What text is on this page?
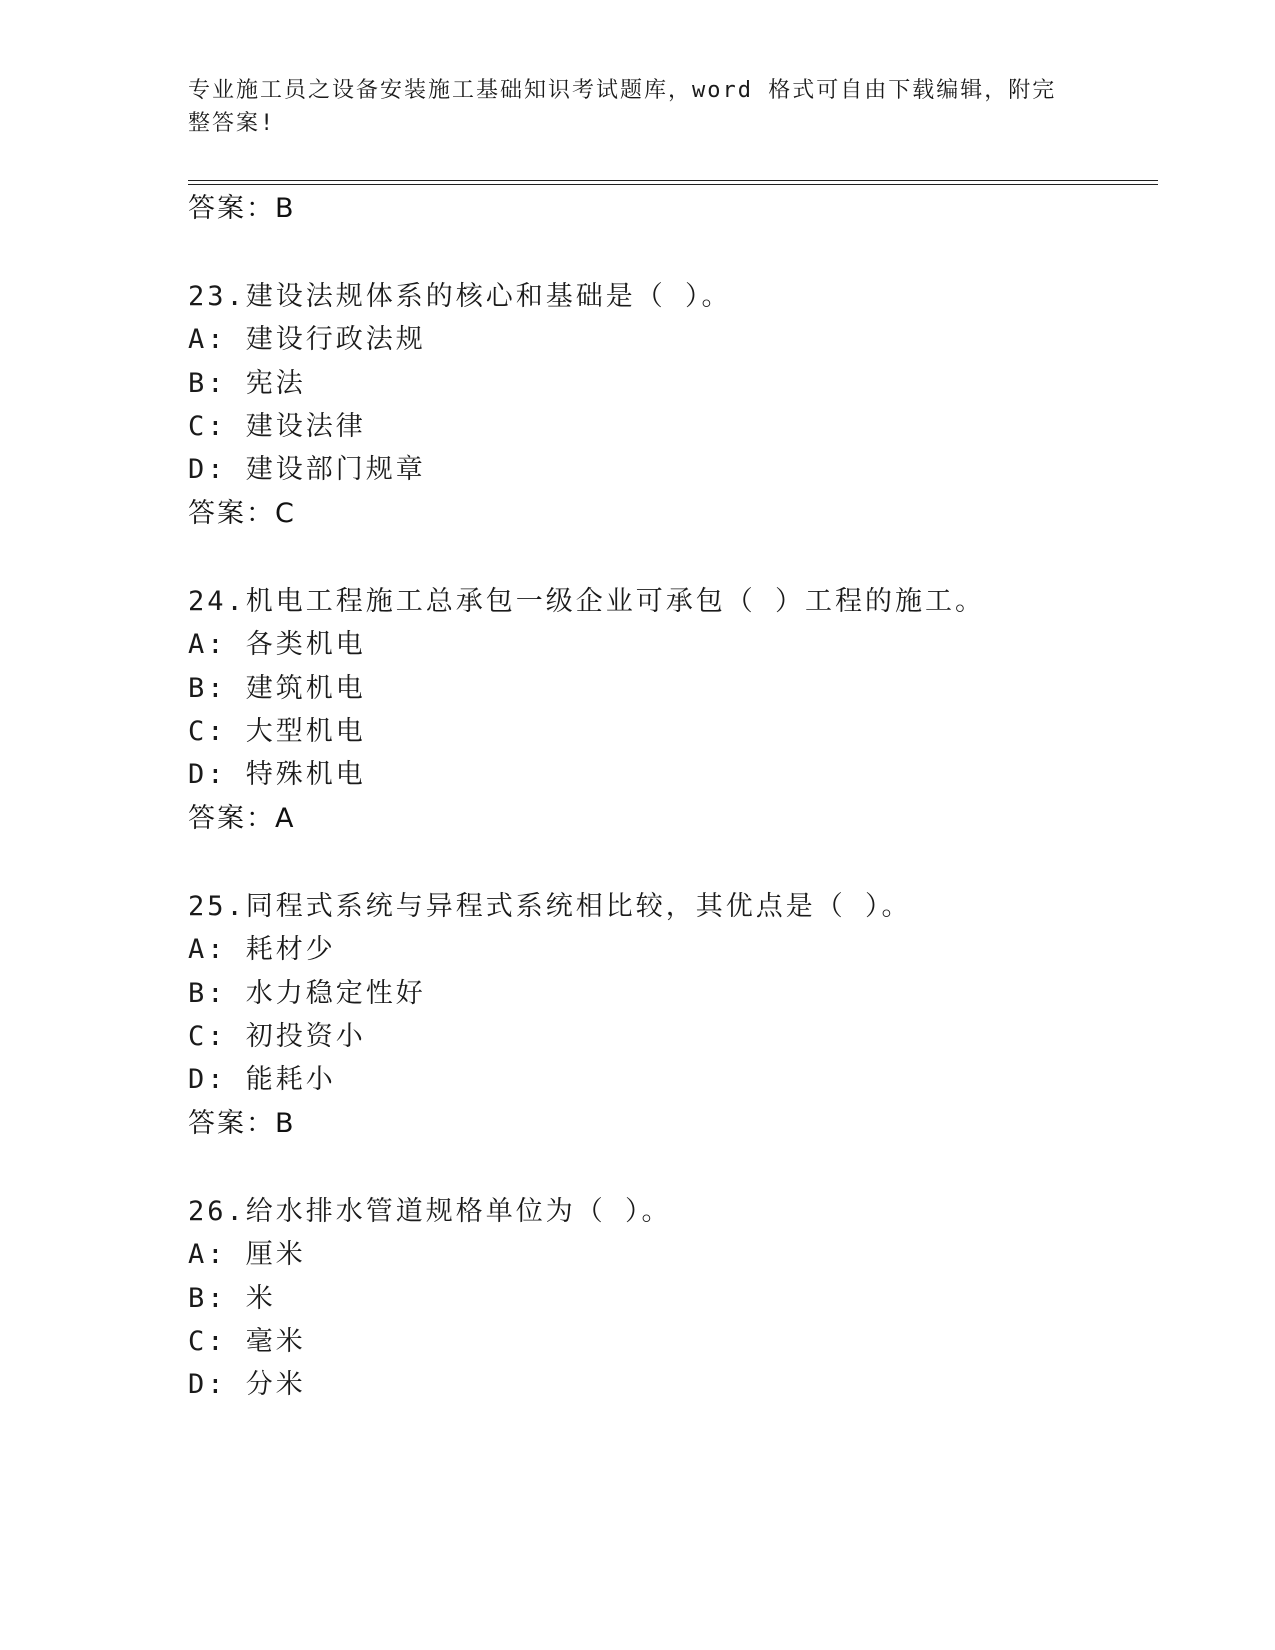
专业施工员之设备安装施工基础知识考试题库，word 格式可自由下载编辑，附完整答案!
答案：B
23.建设法规体系的核心和基础是（ ）。
A: 建设行政法规
B: 宪法
C: 建设法律
D: 建设部门规章
答案：C
24.机电工程施工总承包一级企业可承包（ ）工程的施工。
A: 各类机电
B: 建筑机电
C: 大型机电
D: 特殊机电
答案：A
25.同程式系统与异程式系统相比较，其优点是（ ）。
A: 耗材少
B: 水力稳定性好
C: 初投资小
D: 能耗小
答案：B
26.给水排水管道规格单位为（ ）。
A: 厘米
B: 米
C: 毫米
D: 分米
